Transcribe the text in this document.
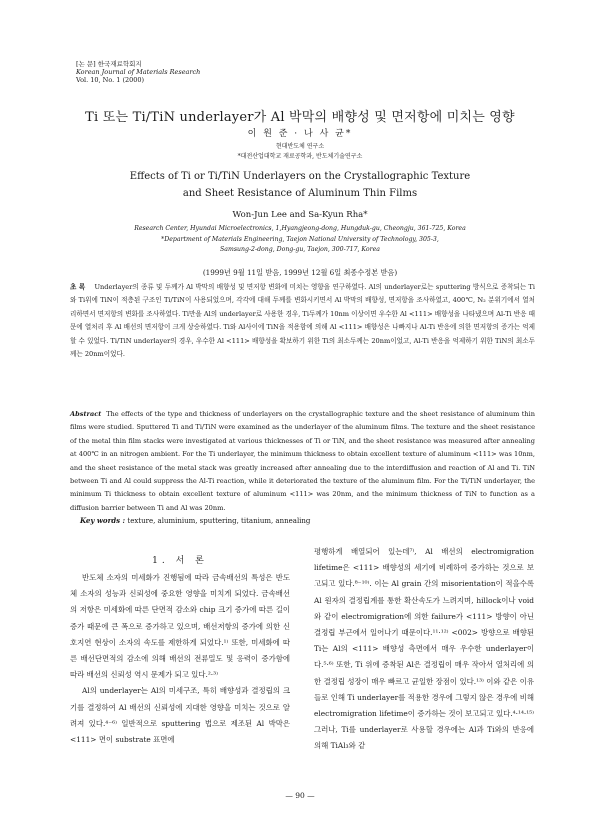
[논 문] 한국재료학회지
Korean Journal of Materials Research
Vol. 10, No. 1 (2000)
Ti 또는 Ti/TiN underlayer가 Al 박막의 배향성 및 면저항에 미치는 영향
이 원 준 · 나 사 균*
현대반도체 연구소
*대전산업대학교 재료공학과, 반도체기술연구소
Effects of Ti or Ti/TiN Underlayers on the Crystallographic Texture
and Sheet Resistance of Aluminum Thin Films
Won-Jun Lee and Sa-Kyun Rha*
Research Center, Hyundai Microelectronics, 1,Hyangjeong-dong, Hungduk-gu, Cheongju, 361-725, Korea
*Department of Materials Engineering, Taejon National University of Technology, 305-3,
Samsung-2-dong, Dong-gu, Taejon, 300-717, Korea
(1999년 9월 11일 받음, 1999년 12월 6일 최종수정본 받음)
초 록 Underlayer의 종류 및 두께가 Al 박막의 배향성 및 면저항 변화에 미치는 영향을 연구하였다. Al의 underlayer로는 sputtering 방식으로 증착되는 Ti와 Ti위에 TiN이 적층된 구조인 Ti/TiN이 사용되었으며, 각각에 대해 두께를 변화시키면서 Al 박막의 배향성, 면저항을 조사하였고, 400℃, N₂ 분위기에서 열처리하면서 면저항의 변화를 조사하였다. Ti만을 Al의 underlayer로 사용한 경우, Ti두께가 10nm 이상이면 우수한 Al <111> 배향성을 나타냈으며 Al-Ti 반응 때문에 열처리 후 Al 배선의 면저항이 크게 상승하였다. Ti와 Al사이에 TiN을 적용함에 의해 Al <111> 배향성은 나빠지나 Al-Ti 반응에 의한 면저항의 증가는 억제할 수 있었다. Ti/TiN underlayer의 경우, 우수한 Al <111> 배향성을 확보하기 위한 Ti의 최소두께는 20nm이었고, Al-Ti 반응을 억제하기 위한 TiN의 최소두께는 20nm이었다.
Abstract The effects of the type and thickness of underlayers on the crystallographic texture and the sheet resistance of aluminum thin films were studied. Sputtered Ti and Ti/TiN were examined as the underlayer of the aluminum films. The texture and the sheet resistance of the metal thin film stacks were investigated at various thicknesses of Ti or TiN, and the sheet resistance was measured after annealing at 400℃ in an nitrogen ambient. For the Ti underlayer, the minimum thickness to obtain excellent texture of aluminum <111> was 10nm, and the sheet resistance of the metal stack was greatly increased after annealing due to the interdiffusion and reaction of Al and Ti. TiN between Ti and Al could suppress the Al-Ti reaction, while it deteriorated the texture of the aluminum film. For the Ti/TiN underlayer, the minimum Ti thickness to obtain excellent texture of aluminum <111> was 20nm, and the minimum thickness of TiN to function as a diffusion barrier between Ti and Al was 20nm.
Key words : texture, aluminium, sputtering, titanium, annealing
1. 서 론

반도체 소자의 미세화가 진행됨에 따라 금속배선의 특성은 반도체 소자의 성능과 신뢰성에 중요한 영향을 미치게 되었다. 금속배선의 저항은 미세화에 따른 단면적 감소와 chip 크기 증가에 따른 길이 증가 때문에 큰 폭으로 증가하고 있으며, 배선저항의 증가에 의한 신호지연 현상이 소자의 속도를 제한하게 되었다.¹⁾ 또한, 미세화에 따른 배선단면적의 감소에 의해 배선의 전류밀도 및 응력이 증가함에 따라 배선의 신뢰성 역시 문제가 되고 있다.²·³⁾

Al의 underlayer는 Al의 미세구조, 특히 배향성과 결정립의 크기를 결정하여 Al 배선의 신뢰성에 지대한 영향을 미치는 것으로 알려져 있다.⁴⁻⁶⁾ 일반적으로 sputtering 법으로 제조된 Al 박막은 <111> 면이 substrate 표면에

평행하게 배열되어 있는데⁷⁾, Al 배선의 electromigration lifetime은 <111> 배향성의 세기에 비례하여 증가하는 것으로 보고되고 있다.⁸⁻¹⁰⁾. 이는 Al grain 간의 misorientation이 적을수록 Al 원자의 결정립계를 통한 확산속도가 느려지며, hillock이나 void와 같이 electromigration에 의한 failure가 <111> 방향이 아닌 결정립 부근에서 일어나기 때문이다.¹¹·¹²⁾ <002> 방향으로 배향된 Ti는 Al의 <111> 배향성 측면에서 매우 우수한 underlayer이다.⁵·⁶⁾ 또한, Ti 위에 증착된 Al은 결정립이 매우 작아서 열처리에 의한 결정립 성장이 매우 빠르고 균일한 장점이 있다.¹³⁾ 이와 같은 이유들로 인해 Ti underlayer를 적용한 경우에 그렇지 않은 경우에 비해 electromigration lifetime이 증가하는 것이 보고되고 있다.⁴·¹⁴·¹⁵⁾ 그러나, Ti를 underlayer로 사용할 경우에는 Al과 Ti와의 반응에 의해 TiAl₃와 같

— 90 —
